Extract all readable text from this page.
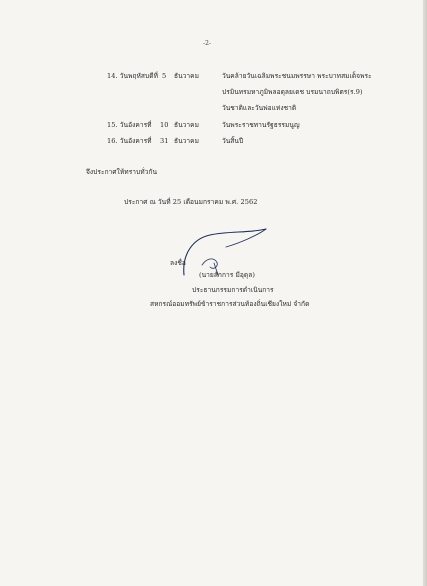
-2-
14. วันพฤหัสบดีที่ 5 ธันวาคม	วันคล้ายวันเฉลิมพระชนมพรรษา พระบาทสมเด็จพระ
ปรมินทรมหาภูมิพลอดุลยเดช บรมนาถบพิตร(ร.9)
วันชาติและวันพ่อแห่งชาติ
15. วันอังคารที่ 10 ธันวาคม	วันพระราชทานรัฐธรรมนูญ
16. วันอังคารที่ 31 ธันวาคม	วันสิ้นปี
จึงประกาศให้ทราบทั่วกัน
ประกาศ ณ วันที่ 25 เดือนมกราคม พ.ศ. 2562
ลงชื่อ
(นายสักการ มีอุดุล)
ประธานกรรมการดำเนินการ
สหกรณ์ออมทรัพย์ข้าราชการส่วนท้องถิ่นเชียงใหม่ จำกัด
